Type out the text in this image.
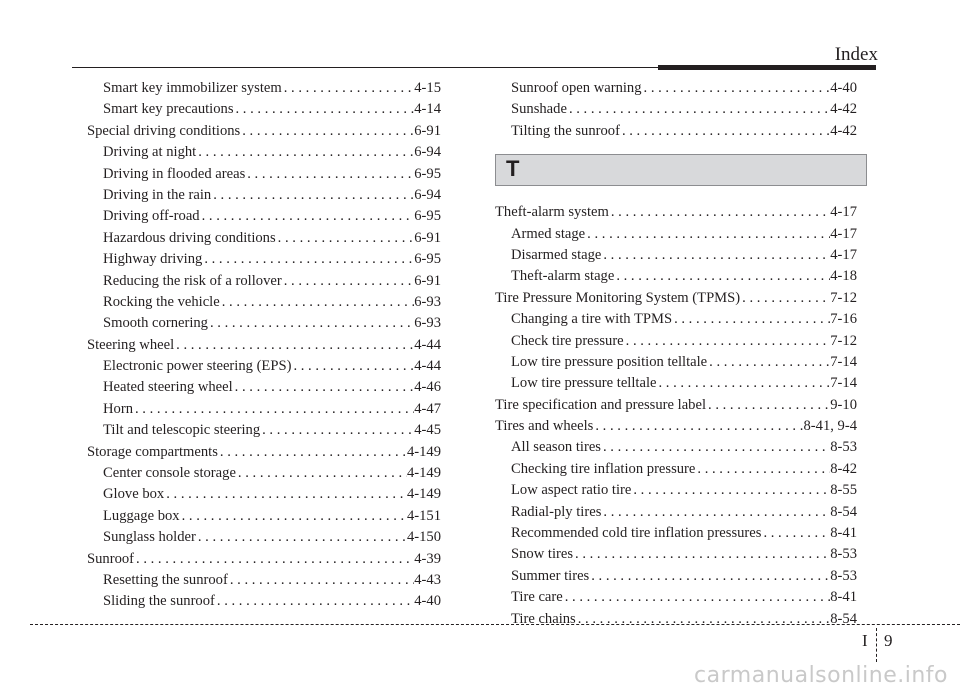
Index
Smart key immobilizer system . . .	4-15
Smart key precautions . . .	4-14
Special driving conditions . . .	6-91
Driving at night . . .	6-94
Driving in flooded areas . . .	6-95
Driving in the rain . . .	6-94
Driving off-road . . .	6-95
Hazardous driving conditions . . .	6-91
Highway driving . . .	6-95
Reducing the risk of a rollover . . .	6-91
Rocking the vehicle . . .	6-93
Smooth cornering . . .	6-93
Steering wheel . . .	4-44
Electronic power steering (EPS) . . .	4-44
Heated steering wheel . . .	4-46
Horn . . .	4-47
Tilt and telescopic steering . . .	4-45
Storage compartments . . .	4-149
Center console storage . . .	4-149
Glove box . . .	4-149
Luggage box . . .	4-151
Sunglass holder . . .	4-150
Sunroof . . .	4-39
Resetting the sunroof . . .	4-43
Sliding the sunroof . . .	4-40
Sunroof open warning . . .	4-40
Sunshade . . .	4-42
Tilting the sunroof . . .	4-42
T
Theft-alarm system . . .	4-17
Armed stage . . .	4-17
Disarmed stage . . .	4-17
Theft-alarm stage . . .	4-18
Tire Pressure Monitoring System (TPMS) . . .	7-12
Changing a tire with TPMS . . .	7-16
Check tire pressure . . .	7-12
Low tire pressure position telltale . . .	7-14
Low tire pressure telltale . . .	7-14
Tire specification and pressure label . . .	9-10
Tires and wheels . . .	8-41, 9-4
All season tires . . .	8-53
Checking tire inflation pressure . . .	8-42
Low aspect ratio tire . . .	8-55
Radial-ply tires . . .	8-54
Recommended cold tire inflation pressures . . .	8-41
Snow tires . . .	8-53
Summer tires . . .	8-53
Tire care . . .	8-41
Tire chains . . .	8-54
I 9
carmanualsonline.info
